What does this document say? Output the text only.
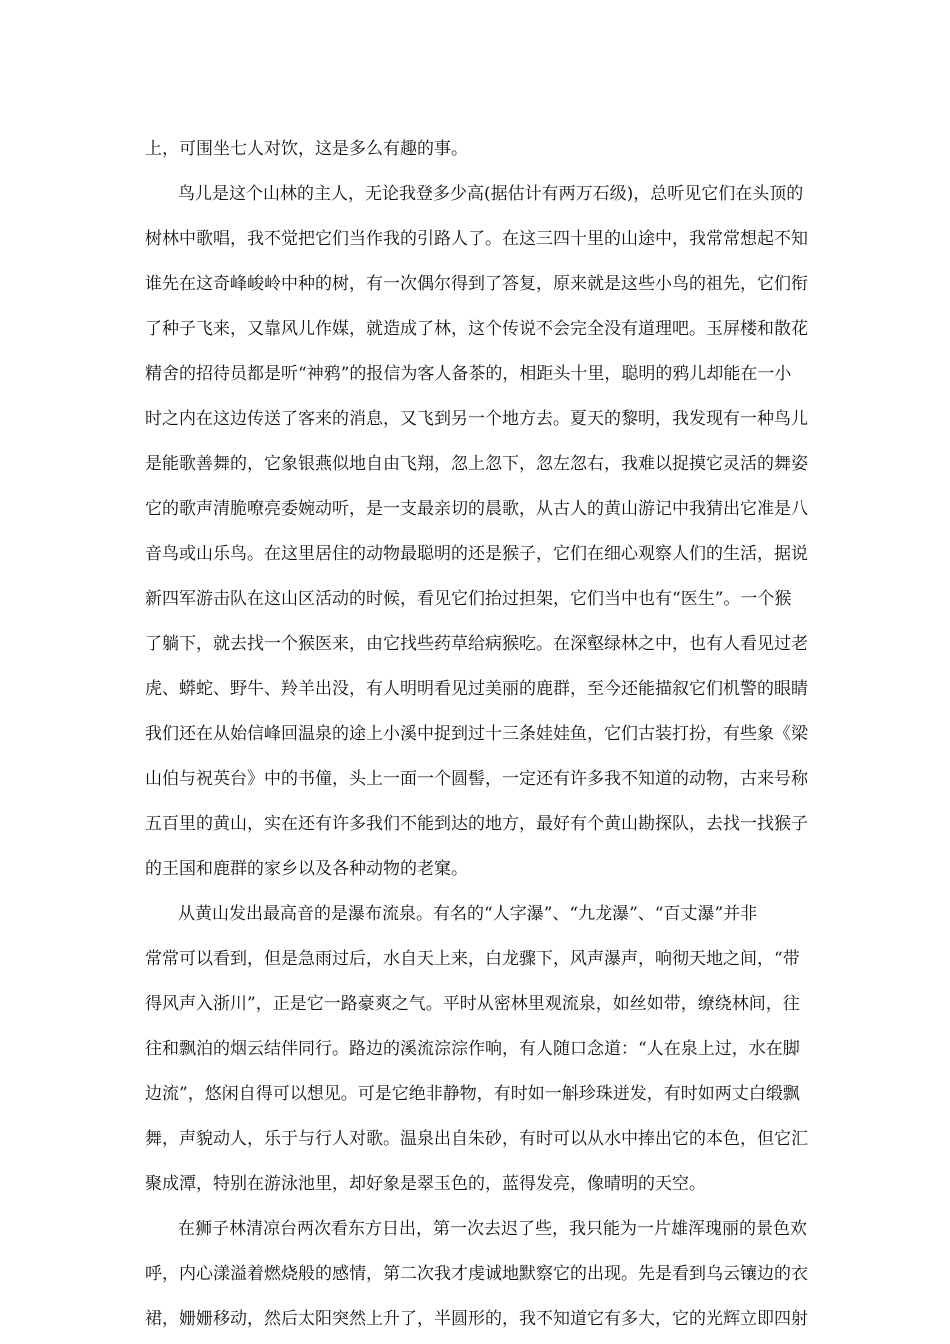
上，可围坐七人对饮，这是多么有趣的事。

鸟儿是这个山林的主人，无论我登多少高(据估计有两万石级)，总听见它们在头顶的

树林中歌唱，我不觉把它们当作我的引路人了。在这三四十里的山途中，我常常想起不知

谁先在这奇峰峻岭中种的树，有一次偶尔得到了答复，原来就是这些小鸟的祖先，它们衔

了种子飞来，又靠风儿作媒，就造成了林，这个传说不会完全没有道理吧。玉屏楼和散花

精舍的招待员都是听“神鸦”的报信为客人备茶的，相距头十里，聪明的鸦儿却能在一小

时之内在这边传送了客来的消息，又飞到另一个地方去。夏天的黎明，我发现有一种鸟儿

是能歌善舞的，它象银燕似地自由飞翔，忽上忽下，忽左忽右，我难以捉摸它灵活的舞姿

它的歌声清脆嘹亮委婉动听，是一支最亲切的晨歌，从古人的黄山游记中我猜出它准是八

音鸟或山乐鸟。在这里居住的动物最聪明的还是猴子，它们在细心观察人们的生活，据说

新四军游击队在这山区活动的时候，看见它们抬过担架，它们当中也有“医生”。一个猴

了躺下，就去找一个猴医来，由它找些药草给病猴吃。在深壑绿林之中，也有人看见过老

虎、蟒蛇、野牛、羚羊出没，有人明明看见过美丽的鹿群，至今还能描叙它们机警的眼睛

我们还在从始信峰回温泉的途上小溪中捉到过十三条娃娃鱼，它们古装打扮，有些象《梁

山伯与祝英台》中的书僮，头上一面一个圆髻，一定还有许多我不知道的动物，古来号称

五百里的黄山，实在还有许多我们不能到达的地方，最好有个黄山勘探队，去找一找猴子

的王国和鹿群的家乡以及各种动物的老窠。

从黄山发出最高音的是瀑布流泉。有名的“人字瀑”、“九龙瀑”、“百丈瀑”并非

常常可以看到，但是急雨过后，水自天上来，白龙骤下，风声瀑声，响彻天地之间，“带

得风声入浙川”，正是它一路豪爽之气。平时从密林里观流泉，如丝如带，缭绕林间，往

往和飘泊的烟云结伴同行。路边的溪流淙淙作响，有人随口念道：“人在泉上过，水在脚

边流”，悠闲自得可以想见。可是它绝非静物，有时如一斛珍珠迸发，有时如两丈白缎飘

舞，声貌动人，乐于与行人对歌。温泉出自朱砂，有时可以从水中捧出它的本色，但它汇

聚成潭，特别在游泳池里，却好象是翠玉色的，蓝得发亮，像晴明的天空。

在狮子林清凉台两次看东方日出，第一次去迟了些，我只能为一片雄浑瑰丽的景色欢

呼，内心漾溢着燃烧般的感情，第二次我才虔诚地默察它的出现。先是看到乌云镶边的衣

裙，姗姗移动，然后太阳突然上升了，半圆形的，我不知道它有多大，它的光辉立即四射
